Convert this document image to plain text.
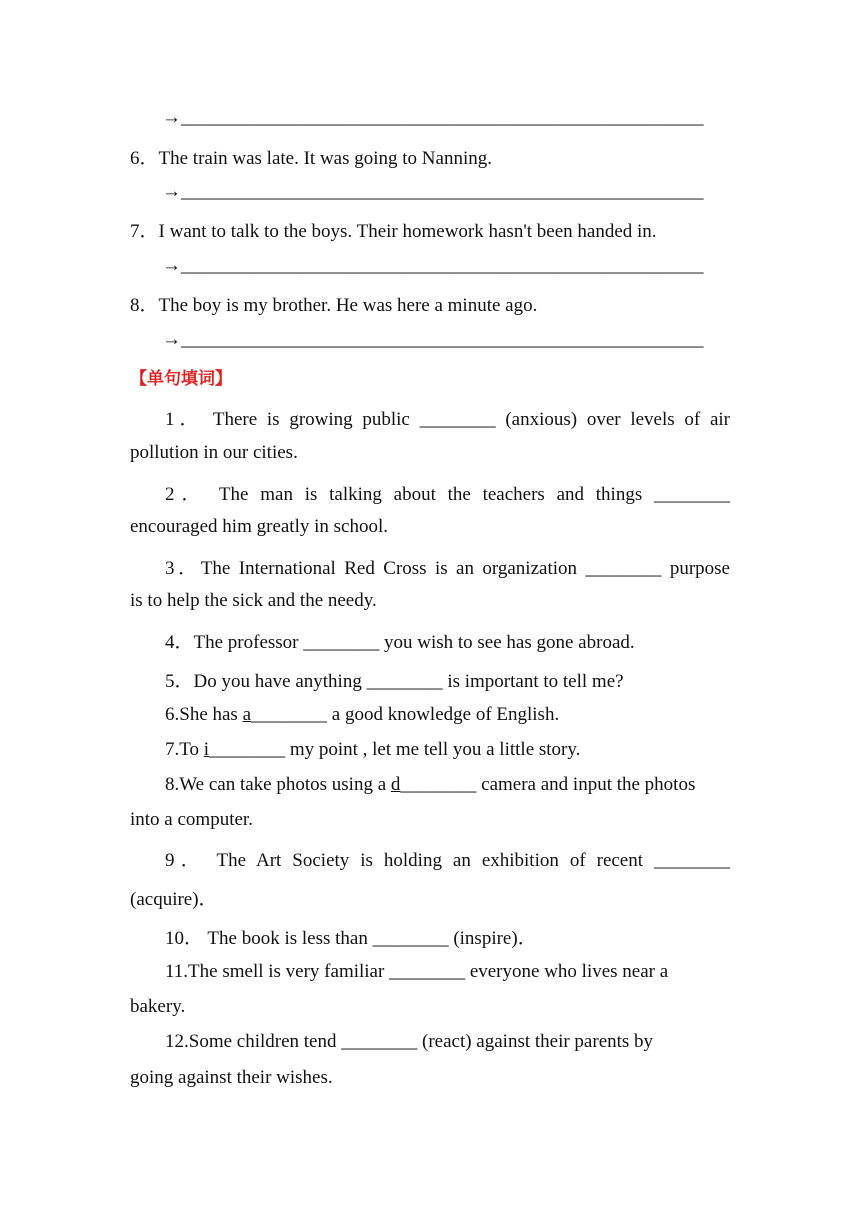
→_______________________________________________________
6．The train was late. It was going to Nanning.
→_______________________________________________________
7．I want to talk to the boys. Their homework hasn't been handed in.
→_______________________________________________________
8．The boy is my brother. He was here a minute ago.
→_______________________________________________________
【单句填词】
1． There is growing public ________ (anxious) over levels of air
pollution in our cities.
2． The man is talking about the teachers and things ________
encouraged him greatly in school.
3．The International Red Cross is an organization ________ purpose
is to help the sick and the needy.
4．The professor ________ you wish to see has gone abroad.
5．Do you have anything ________ is important to tell me?
6.She has a________ a good knowledge of English.
7.To i________ my point , let me tell you a little story.
8.We can take photos using a d________ camera and input the photos
into a computer.
9． The Art Society is holding an exhibition of recent ________
(acquire)．
10． The book is less than ________ (inspire)．
11.The smell is very familiar ________ everyone who lives near a
bakery.
12.Some children tend ________ (react) against their parents by
going against their wishes.
